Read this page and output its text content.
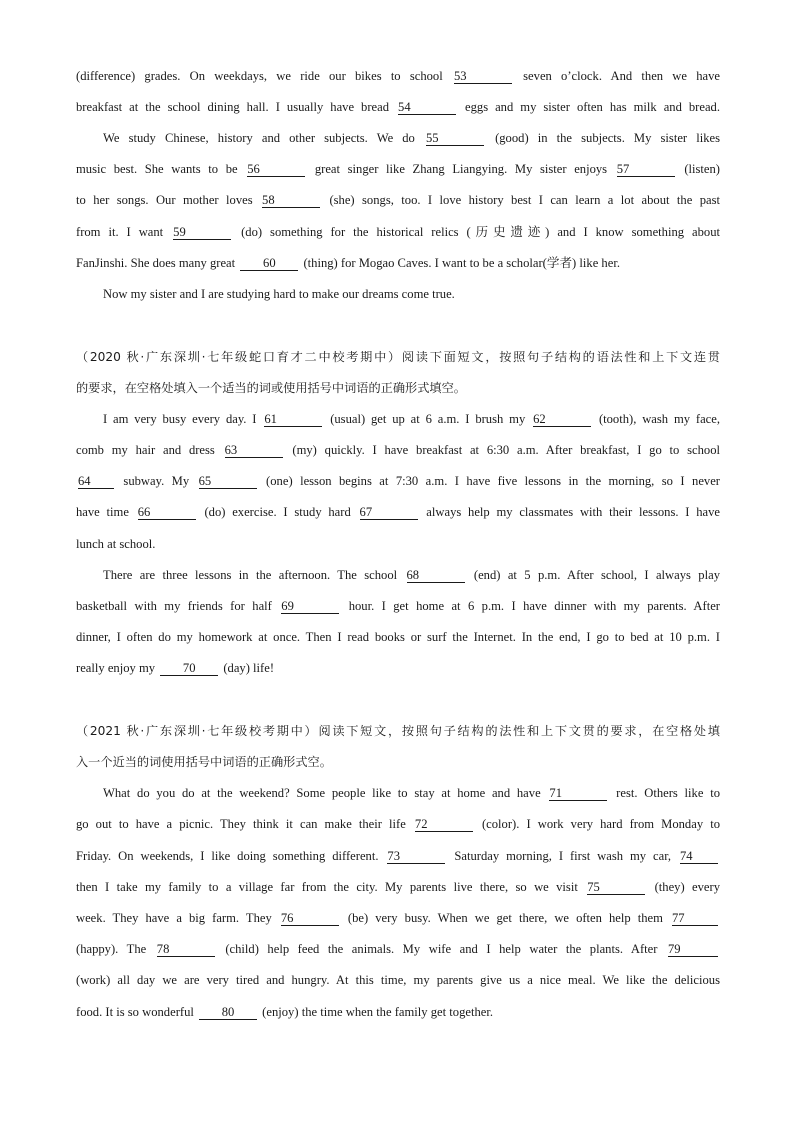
(difference) grades. On weekdays, we ride our bikes to school 53	seven o’clock. And then we have
breakfast at the school dining hall. I usually have bread 54	eggs and my sister often has milk and bread.
We study Chinese, history and other subjects. We do 55	(good) in the subjects. My sister likes
music best. She wants to be 56	great singer like Zhang Liangying. My sister enjoys 57	(listen)
to her songs. Our mother loves 58	(she) songs, too. I love history best I can learn a lot about the past
from it. I want 59	(do) something for the historical relics (历史遗迹) and I know something about
FanJinshi. She does many great 60 (thing) for Mogao Caves. I want to be a scholar(学者) like her.
Now my sister and I are studying hard to make our dreams come true.
（2020 秋·广东深圳·七年级蛇口育才二中校考期中）阅读下面短文，按照句子结构的语法性和上下文连贯
的要求，在空格处填入一个适当的词或使用括号中词语的正确形式填空。
I am very busy every day. I 61	(usual) get up at 6 a.m. I brush my 62	(tooth), wash my face,
comb my hair and dress 63	(my) quickly. I have breakfast at 6:30 a.m. After breakfast, I go to school
64 subway. My 65	(one) lesson begins at 7:30 a.m. I have five lessons in the morning, so I never
have time 66	(do) exercise. I study hard 67	always help my classmates with their lessons. I have
lunch at school.
There are three lessons in the afternoon. The school 68	(end) at 5 p.m. After school, I always play
basketball with my friends for half 69	hour. I get home at 6 p.m. I have dinner with my parents. After
dinner, I often do my homework at once. Then I read books or surf the Internet. In the end, I go to bed at 10 p.m. I
really enjoy my 70 (day) life!
（2021 秋·广东深圳·七年级校考期中）阅读下短文，按照句子结构的法性和上下文贯的要求，在空格处填
入一个近当的词使用括号中词语的正确形式空。
What do you do at the weekend? Some people like to stay at home and have 71	rest. Others like to
go out to have a picnic. They think it can make their life 72	(color). I work very hard from Monday to
Friday. On weekends, I like doing something different. 73	Saturday morning, I first wash my car, 74
then I take my family to a village far from the city. My parents live there, so we visit 75	(they) every
week. They have a big farm. They 76	(be) very busy. When we get there, we often help them 77
(happy). The 78	(child) help feed the animals. My wife and I help water the plants. After 79
(work) all day we are very tired and hungry. At this time, my parents give us a nice meal. We like the delicious
food. It is so wonderful 80 (enjoy) the time when the family get together.
